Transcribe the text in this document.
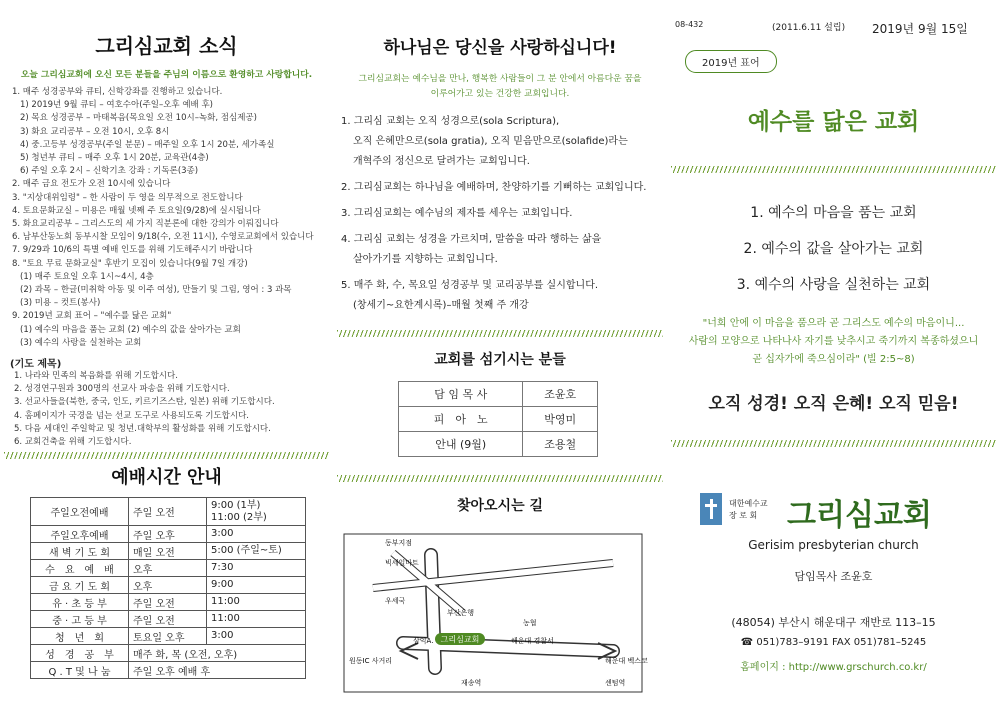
그리심교회 소식
오늘 그리심교회에 오신 모든 분들을 주님의 이름으로 환영하고 사랑합니다.
1. 매주 성경공부와 큐티, 신학강좌를 진행하고 있습니다.
1) 2019년 9월 큐티 – 여호수아(주일–오후 예배 후)
2) 목요 성경공부 – 마태복음(목요일 오전 10시–녹화, 점심제공)
3) 화요 교리공부 – 오전 10시, 오후 8시
4) 중.고등부 성경공부(주일 분문) – 매주일 오후 1시 20분, 세가족실
5) 청년부 큐티 – 매주 오후 1시 20분, 교육관(4층)
6) 주일 오후 2시 – 신학기초 강좌 : 기독론(3종)
2. 매주 금요 전도가 오전 10시에 있습니다
3. "지상대위임령" – 한 사람이 두 영을 의무적으로 전도합니다
4. 토요문화교실 – 미용은 매월 넷째 주 토요일(9/28)에 실시됩니다
5. 화요교리공부 – 그리스도의 세 가지 직분론에 대한 강의가 이뤄집니다
6. 남부산동노회 동부시찰 모임이 9/18(수, 오전 11시), 수영로교회에서 있습니다
7. 9/29과 10/6의 특별 예배 인도를 위해 기도해주시기 바랍니다
8. "토요 무료 문화교실" 후반기 모집이 있습니다(9월 7일 개강)
(1) 매주 토요일 오후 1시~4시, 4층
(2) 과목 – 한글(미취학 아동 및 이주 여성), 만들기 및 그림, 영어 : 3 과목
(3) 미용 – 컷트(봉사)
9. 2019년 교회 표어 – "예수를 닮은 교회"
(1) 예수의 마음을 품는 교회 (2) 예수의 값을 살아가는 교회
(3) 예수의 사랑을 실천하는 교회
(기도 제목)
1. 나라와 민족의 복음화를 위해 기도합시다.
2. 성경연구원과 300명의 선교사 파송을 위해 기도합시다.
3. 선교사들을(북한, 중국, 인도, 키르기즈스탄, 일본) 위해 기도합시다.
4. 홈페이지가 국경을 넘는 선교 도구로 사용되도록 기도합시다.
5. 다음 세대인 주일학교 및 청년.대학부의 활성화를 위해 기도합시다.
6. 교회건축을 위해 기도합시다.
예배시간 안내
주일오전예배	주일 오전	9:00 (1부)
11:00 (2부)
주일오후예배	주일 오후	3:00
새 벽 기 도 회	매일 오전	5:00 (주일~토)
수　요　예　배	오후	7:30
금 요 기 도 회	오후	9:00
유 · 초 등 부	주일 오전	11:00
중 · 고 등 부	주일 오전	11:00
청　년　회	토요일 오후	3:00
성　경　공　부	매주 화, 목 (오전, 오후)	
Q . T 및 나 눔	주일 오후 예배 후	
하나님은 당신을 사랑하십니다!
그리심교회는 예수님을 만나, 행복한 사람들이 그 분 안에서 아름다운 꿈을
이루어가고 있는 건강한 교회입니다.
1. 그리심 교회는 오직 성경으로(sola Scriptura),
오직 은혜만으로(sola gratia), 오직 믿음만으로(solafide)라는
개혁주의 정신으로 달려가는 교회입니다.
2. 그리심교회는 하나님을 예배하며, 찬양하기를 기뻐하는 교회입니다.
3. 그리심교회는 예수님의 제자를 세우는 교회입니다.
4. 그리심 교회는 성경을 가르치며, 말씀을 따라 행하는 삶을
살아가기를 지향하는 교회입니다.
5. 매주 화, 수, 목요일 성경공부 및 교리공부를 실시합니다.
(창세기~요한계시록)–매월 첫째 주 개강
교회를 섬기시는 분들
담 임 목 사	조윤호
피　아　노	박영미
안내 (9월)	조용철
찾아오시는 길
그리심교회
동부지점
빅세일마트
우세국
부산은행
농협
해운대 경찰서
삼익A.
원동IC 사거리	해운대 벡스코
재송역	센텀역
08-432	(2011.6.11 설립) 2019년 9월 15일
2019년 표어
예수를 닮은 교회
1. 예수의 마음을 품는 교회
2. 예수의 값을 살아가는 교회
3. 예수의 사랑을 실천하는 교회
"너희 안에 이 마음을 품으라 곧 그리스도 예수의 마음이니...
사람의 모양으로 나타나사 자기를 낮추시고 죽기까지 복종하셨으니
곧 십자가에 죽으심이라" (빌 2:5~8)
오직 성경! 오직 은혜! 오직 믿음!
대한예수교
장 로 회 그리심교회
Gerisim presbyterian church
담임목사 조윤호
(48054) 부산시 해운대구 재반로 113–15
☎ 051)783–9191 FAX 051)781–5245
홈페이지 : http://www.grschurch.co.kr/
